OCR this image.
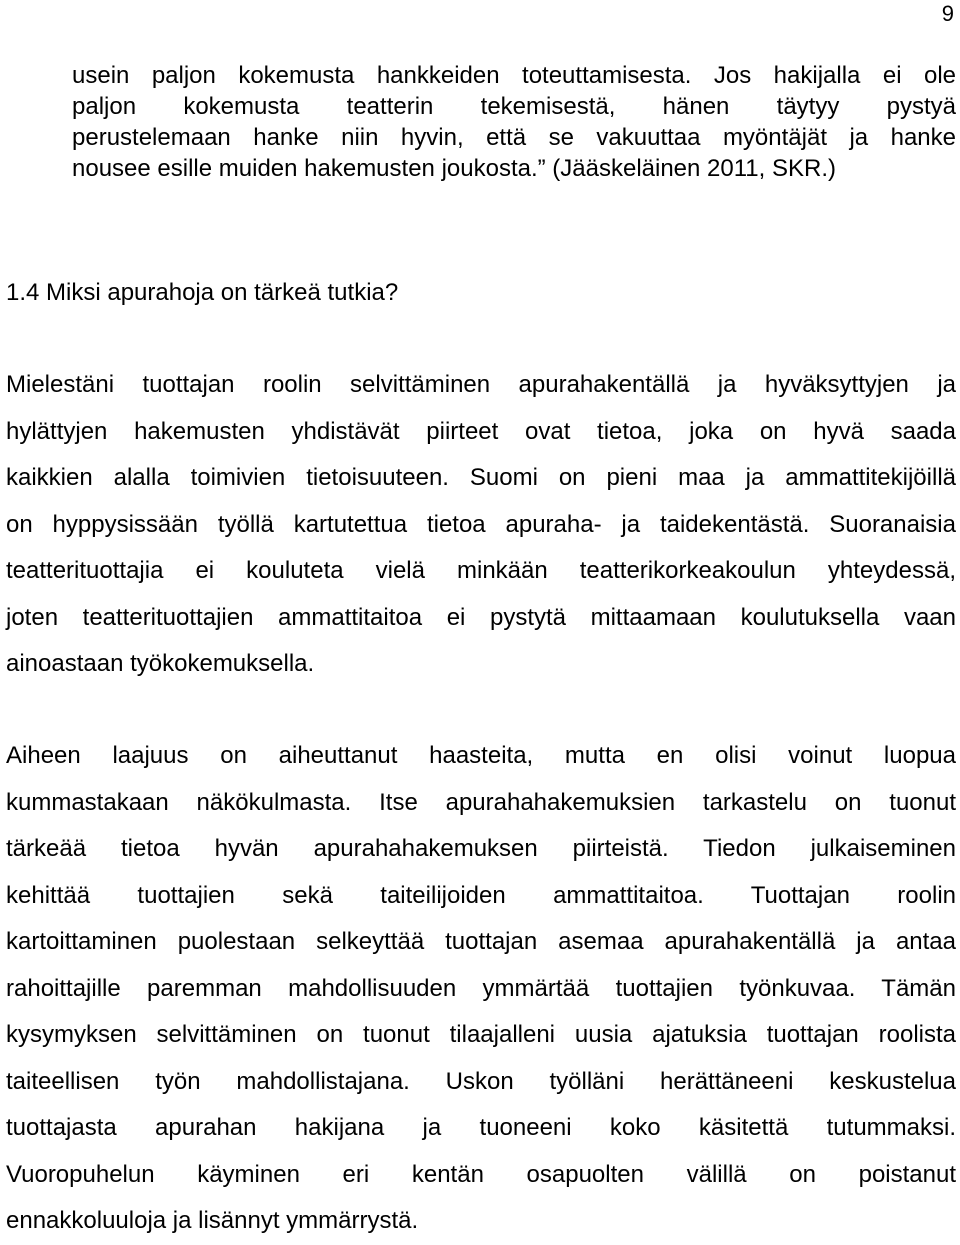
9
usein paljon kokemusta hankkeiden toteuttamisesta. Jos hakijalla ei ole
paljon kokemusta teatterin tekemisestä, hänen täytyy pystyä
perustelemaan hanke niin hyvin, että se vakuuttaa myöntäjät ja hanke
nousee esille muiden hakemusten joukosta.” (Jääskeläinen 2011, SKR.)
1.4 Miksi apurahoja on tärkeä tutkia?
Mielestäni tuottajan roolin selvittäminen apurahakentällä ja hyväksyttyjen ja
hylättyjen hakemusten yhdistävät piirteet ovat tietoa, joka on hyvä saada
kaikkien alalla toimivien tietoisuuteen. Suomi on pieni maa ja ammattitekijöillä
on hyppysissään työllä kartutettua tietoa apuraha- ja taidekentästä. Suoranaisia
teatterituottajia ei kouluteta vielä minkään teatterikorkeakoulun yhteydessä,
joten teatterituottajien ammattitaitoa ei pystytä mittaamaan koulutuksella vaan
ainoastaan työkokemuksella.
Aiheen laajuus on aiheuttanut haasteita, mutta en olisi voinut luopua
kummastakaan näkökulmasta. Itse apurahahakemuksien tarkastelu on tuonut
tärkeää tietoa hyvän apurahahakemuksen piirteistä. Tiedon julkaiseminen
kehittää tuottajien sekä taiteilijoiden ammattitaitoa. Tuottajan roolin
kartoittaminen puolestaan selkeyttää tuottajan asemaa apurahakentällä ja antaa
rahoittajille paremman mahdollisuuden ymmärtää tuottajien työnkuvaa. Tämän
kysymyksen selvittäminen on tuonut tilaajalleni uusia ajatuksia tuottajan roolista
taiteellisen työn mahdollistajana. Uskon työlläni herättäneeni keskustelua
tuottajasta apurahan hakijana ja tuoneeni koko käsitettä tutummaksi.
Vuoropuhelun käyminen eri kentän osapuolten välillä on poistanut
ennakkoluuloja ja lisännyt ymmärrystä.
